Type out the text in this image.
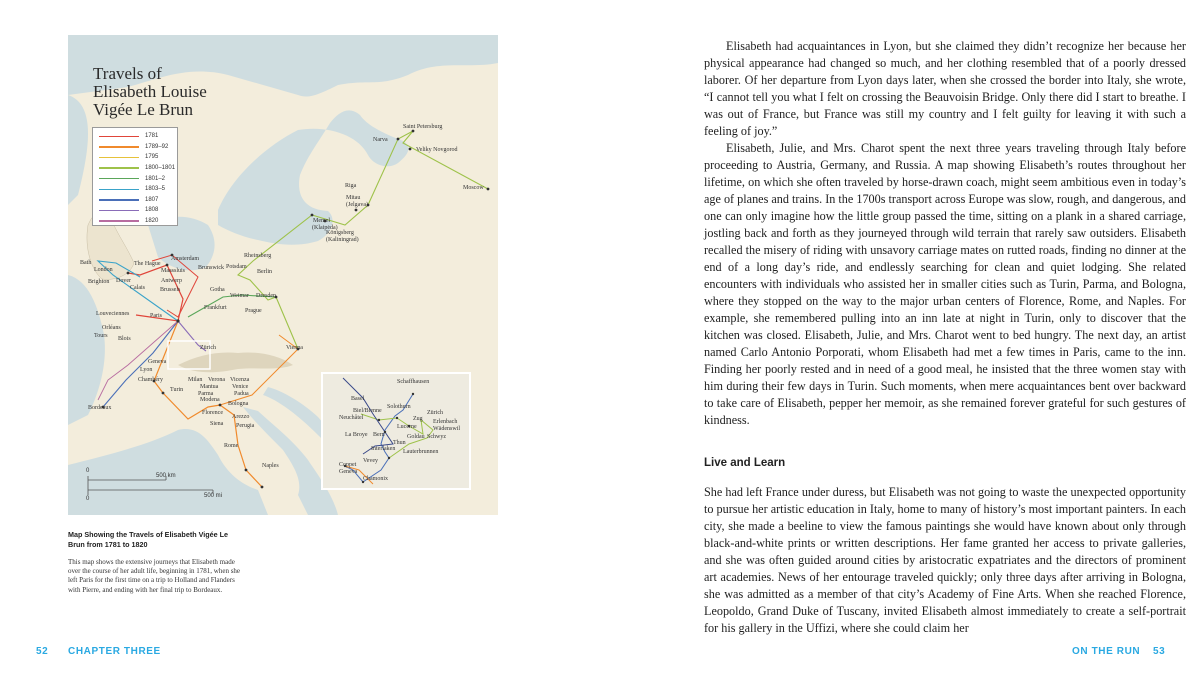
Travels of
Elisabeth Louise
Vigée Le Brun
1781
1789–92
1795
1800–1801
1801–2
1803–5
1807
1808
1820
Saint Petersburg
Narva
Veliky Novgorod
Moscow
Riga
Mitau
(Jelgava)
Memel
(Klaipėda)
Königsberg
(Kaliningrad)
Bath
London
Brighton Dover
Calais
The Hague
Amsterdam
Maassluis
Antwerp
Brussels
Rheinsberg
Brunswick Potsdam
Berlin
Gotha
Weimar Dresden
Frankfurt	Prague
Louveciennes	Paris
Orléans
Tours Blois
Zürich	Vienna
Geneva
Lyon
Chambéry	Milan Verona Vicenza
Venice
Mantua
Padua
Turin
Parma
Modena
Bologna
Bordeaux
Florence
Arezzo
Siena Perugia
Rome
Naples
Schaffhausen
Basel
Biel/Bienne
Solothurn
Zürich
Neuchâtel	Zug Erlenbach
Wädenswil
Lucerne
Schwyz
La Broye Bern	Goldau
Thun
Interlaken Lauterbrunnen
Vevey
Coppet
Geneva
Chamonix
0
500 km
0	500 mi
Map Showing the Travels of Elisabeth Vigée Le Brun from 1781 to 1820
This map shows the extensive journeys that Elisabeth made over the course of her adult life, beginning in 1781, when she left Paris for the first time on a trip to Holland and Flanders with Pierre, and ending with her final trip to Bordeaux.

Elisabeth had acquaintances in Lyon, but she claimed they didn’t recognize her because her physical appearance had changed so much, and her clothing resembled that of a poorly dressed laborer. Of her departure from Lyon days later, when she crossed the border into Italy, she wrote, “I cannot tell you what I felt on crossing the Beauvoisin Bridge. Only there did I start to breathe. I was out of France, but France was still my country and I felt guilty for leaving it with such a feeling of joy.”

Elisabeth, Julie, and Mrs. Charot spent the next three years traveling through Italy before proceeding to Austria, Germany, and Russia. A map showing Elisabeth’s routes throughout her lifetime, on which she often traveled by horse-drawn coach, might seem ambitious even in today’s age of planes and trains. In the 1700s transport across Europe was slow, rough, and dangerous, and one can only imagine how the little group passed the time, sitting on a plank in a shared carriage, jostling back and forth as they journeyed through wild terrain that rarely saw outsiders. Elisabeth recalled the misery of riding with unsavory carriage mates on rutted roads, finding no dinner at the end of a long day’s ride, and endlessly searching for clean and quiet lodging. She related encounters with individuals who assisted her in smaller cities such as Turin, Parma, and Bologna, where they stopped on the way to the major urban centers of Florence, Rome, and Naples. For example, she remembered pulling into an inn late at night in Turin, only to discover that the kitchen was closed. Elisabeth, Julie, and Mrs. Charot went to bed hungry. The next day, an artist named Carlo Antonio Porporati, whom Elisabeth had met a few times in Paris, came to the inn. Finding her poorly rested and in need of a good meal, he insisted that the three women stay with him during their few days in Turin. Such moments, when mere acquaintances bent over backward to take care of Elisabeth, pepper her memoir, as she remained forever grateful for such gestures of kindness.

Live and Learn

She had left France under duress, but Elisabeth was not going to waste the unexpected opportunity to pursue her artistic education in Italy, home to many of history’s most important painters. In each city, she made a beeline to view the famous paintings she would have known about only through black-and-white prints or written descriptions. Her fame granted her access to private galleries, and she was often guided around cities by aristocratic expatriates and the directors of prominent art academies. News of her entourage traveled quickly; only three days after arriving in Bologna, she was admitted as a member of that city’s Academy of Fine Arts. When she reached Florence, Leopoldo, Grand Duke of Tuscany, invited Elisabeth almost immediately to create a self-portrait for his gallery in the Uffizi, where she could claim her

52 CHAPTER THREE	ON THE RUN 53
